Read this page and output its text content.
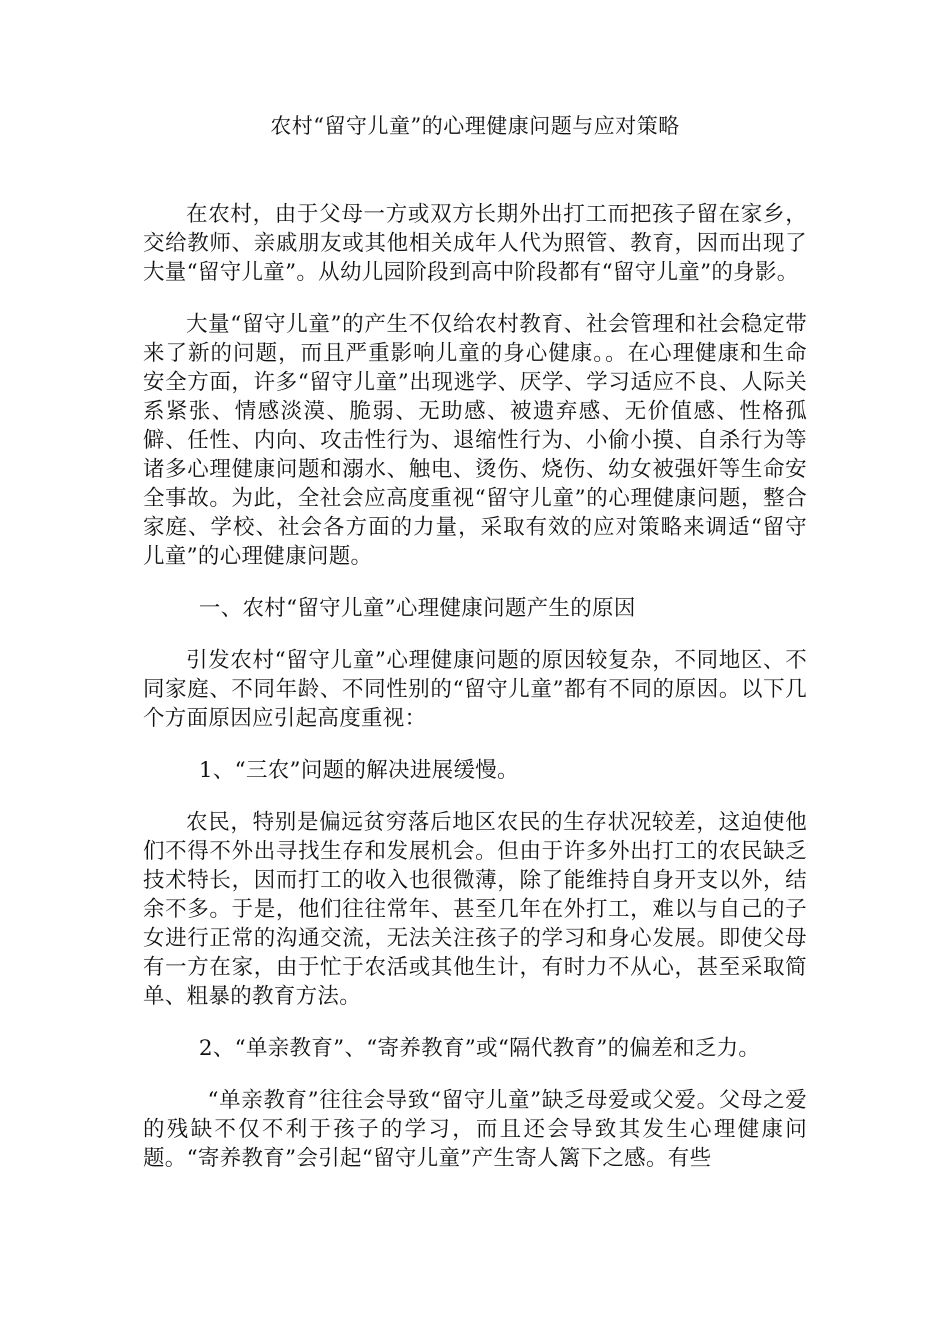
农村“留守儿童”的心理健康问题与应对策略

在农村，由于父母一方或双方长期外出打工而把孩子留在家乡，交给教师、亲戚朋友或其他相关成年人代为照管、教育，因而出现了大量“留守儿童”。从幼儿园阶段到高中阶段都有“留守儿童”的身影。

大量“留守儿童”的产生不仅给农村教育、社会管理和社会稳定带来了新的问题，而且严重影响儿童的身心健康。。在心理健康和生命安全方面，许多“留守儿童”出现逃学、厌学、学习适应不良、人际关系紧张、情感淡漠、脆弱、无助感、被遗弃感、无价值感、性格孤僻、任性、内向、攻击性行为、退缩性行为、小偷小摸、自杀行为等诸多心理健康问题和溺水、触电、烫伤、烧伤、幼女被强奸等生命安全事故。为此，全社会应高度重视“留守儿童”的心理健康问题，整合家庭、学校、社会各方面的力量，采取有效的应对策略来调适“留守儿童”的心理健康问题。

一、农村“留守儿童”心理健康问题产生的原因

引发农村“留守儿童”心理健康问题的原因较复杂，不同地区、不同家庭、不同年龄、不同性别的“留守儿童”都有不同的原因。以下几个方面原因应引起高度重视：

1、“三农”问题的解决进展缓慢。

农民，特别是偏远贫穷落后地区农民的生存状况较差，这迫使他们不得不外出寻找生存和发展机会。但由于许多外出打工的农民缺乏技术特长，因而打工的收入也很微薄，除了能维持自身开支以外，结余不多。于是，他们往往常年、甚至几年在外打工，难以与自己的子女进行正常的沟通交流，无法关注孩子的学习和身心发展。即使父母有一方在家，由于忙于农活或其他生计，有时力不从心，甚至采取简单、粗暴的教育方法。

2、“单亲教育”、“寄养教育”或“隔代教育”的偏差和乏力。

“单亲教育”往往会导致“留守儿童”缺乏母爱或父爱。父母之爱的残缺不仅不利于孩子的学习，而且还会导致其发生心理健康问题。“寄养教育”会引起“留守儿童”产生寄人篱下之感。有些
